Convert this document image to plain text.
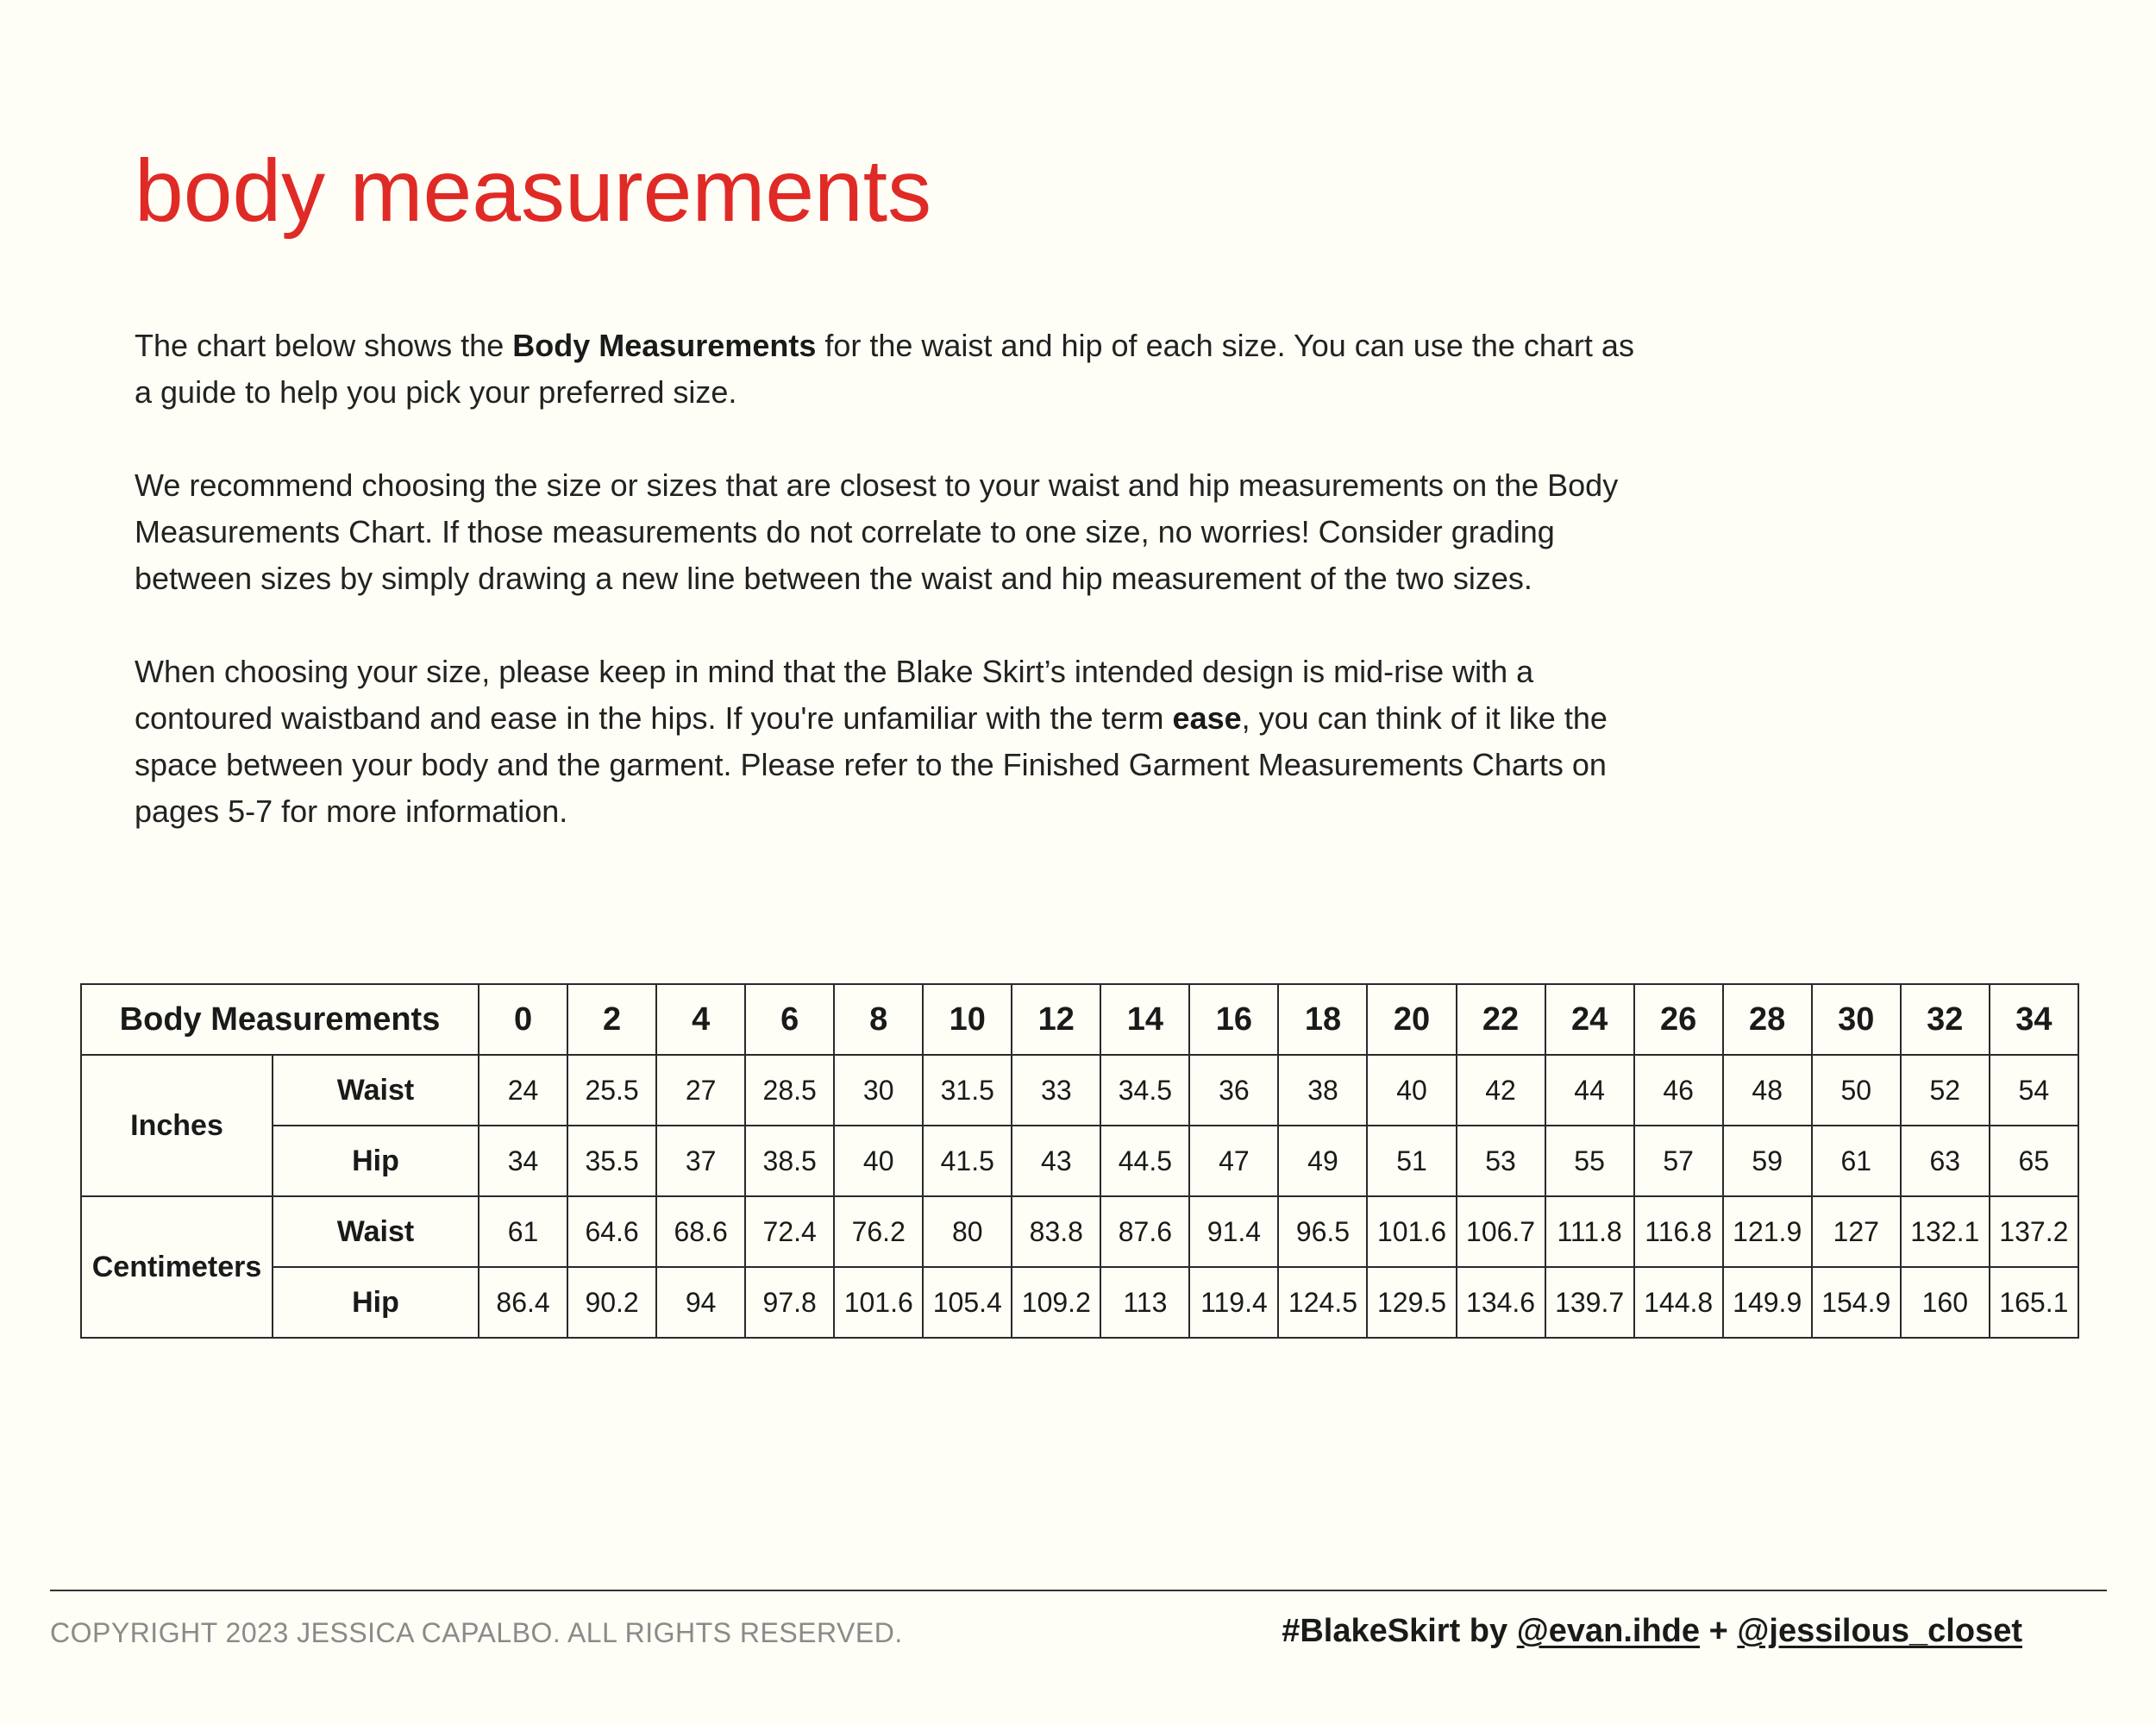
body measurements

The chart below shows the Body Measurements for the waist and hip of each size. You can use the chart as a guide to help you pick your preferred size.

We recommend choosing the size or sizes that are closest to your waist and hip measurements on the Body Measurements Chart. If those measurements do not correlate to one size, no worries! Consider grading between sizes by simply drawing a new line between the waist and hip measurement of the two sizes.

When choosing your size, please keep in mind that the Blake Skirt’s intended design is mid-rise with a contoured waistband and ease in the hips. If you're unfamiliar with the term ease, you can think of it like the space between your body and the garment. Please refer to the Finished Garment Measurements Charts on pages 5-7 for more information.

Body Measurements		0	2	4	6	8	10	12	14	16	18	20	22	24	26	28	30	32	34
Inches	Waist	24	25.5	27	28.5	30	31.5	33	34.5	36	38	40	42	44	46	48	50	52	54
	Hip	34	35.5	37	38.5	40	41.5	43	44.5	47	49	51	53	55	57	59	61	63	65
Centimeters	Waist	61	64.6	68.6	72.4	76.2	80	83.8	87.6	91.4	96.5	101.6	106.7	111.8	116.8	121.9	127	132.1	137.2
	Hip	86.4	90.2	94	97.8	101.6	105.4	109.2	113	119.4	124.5	129.5	134.6	139.7	144.8	149.9	154.9	160	165.1
COPYRIGHT 2023 JESSICA CAPALBO. ALL RIGHTS RESERVED.	#BlakeSkirt by @evan.ihde + @jessilous_closet
